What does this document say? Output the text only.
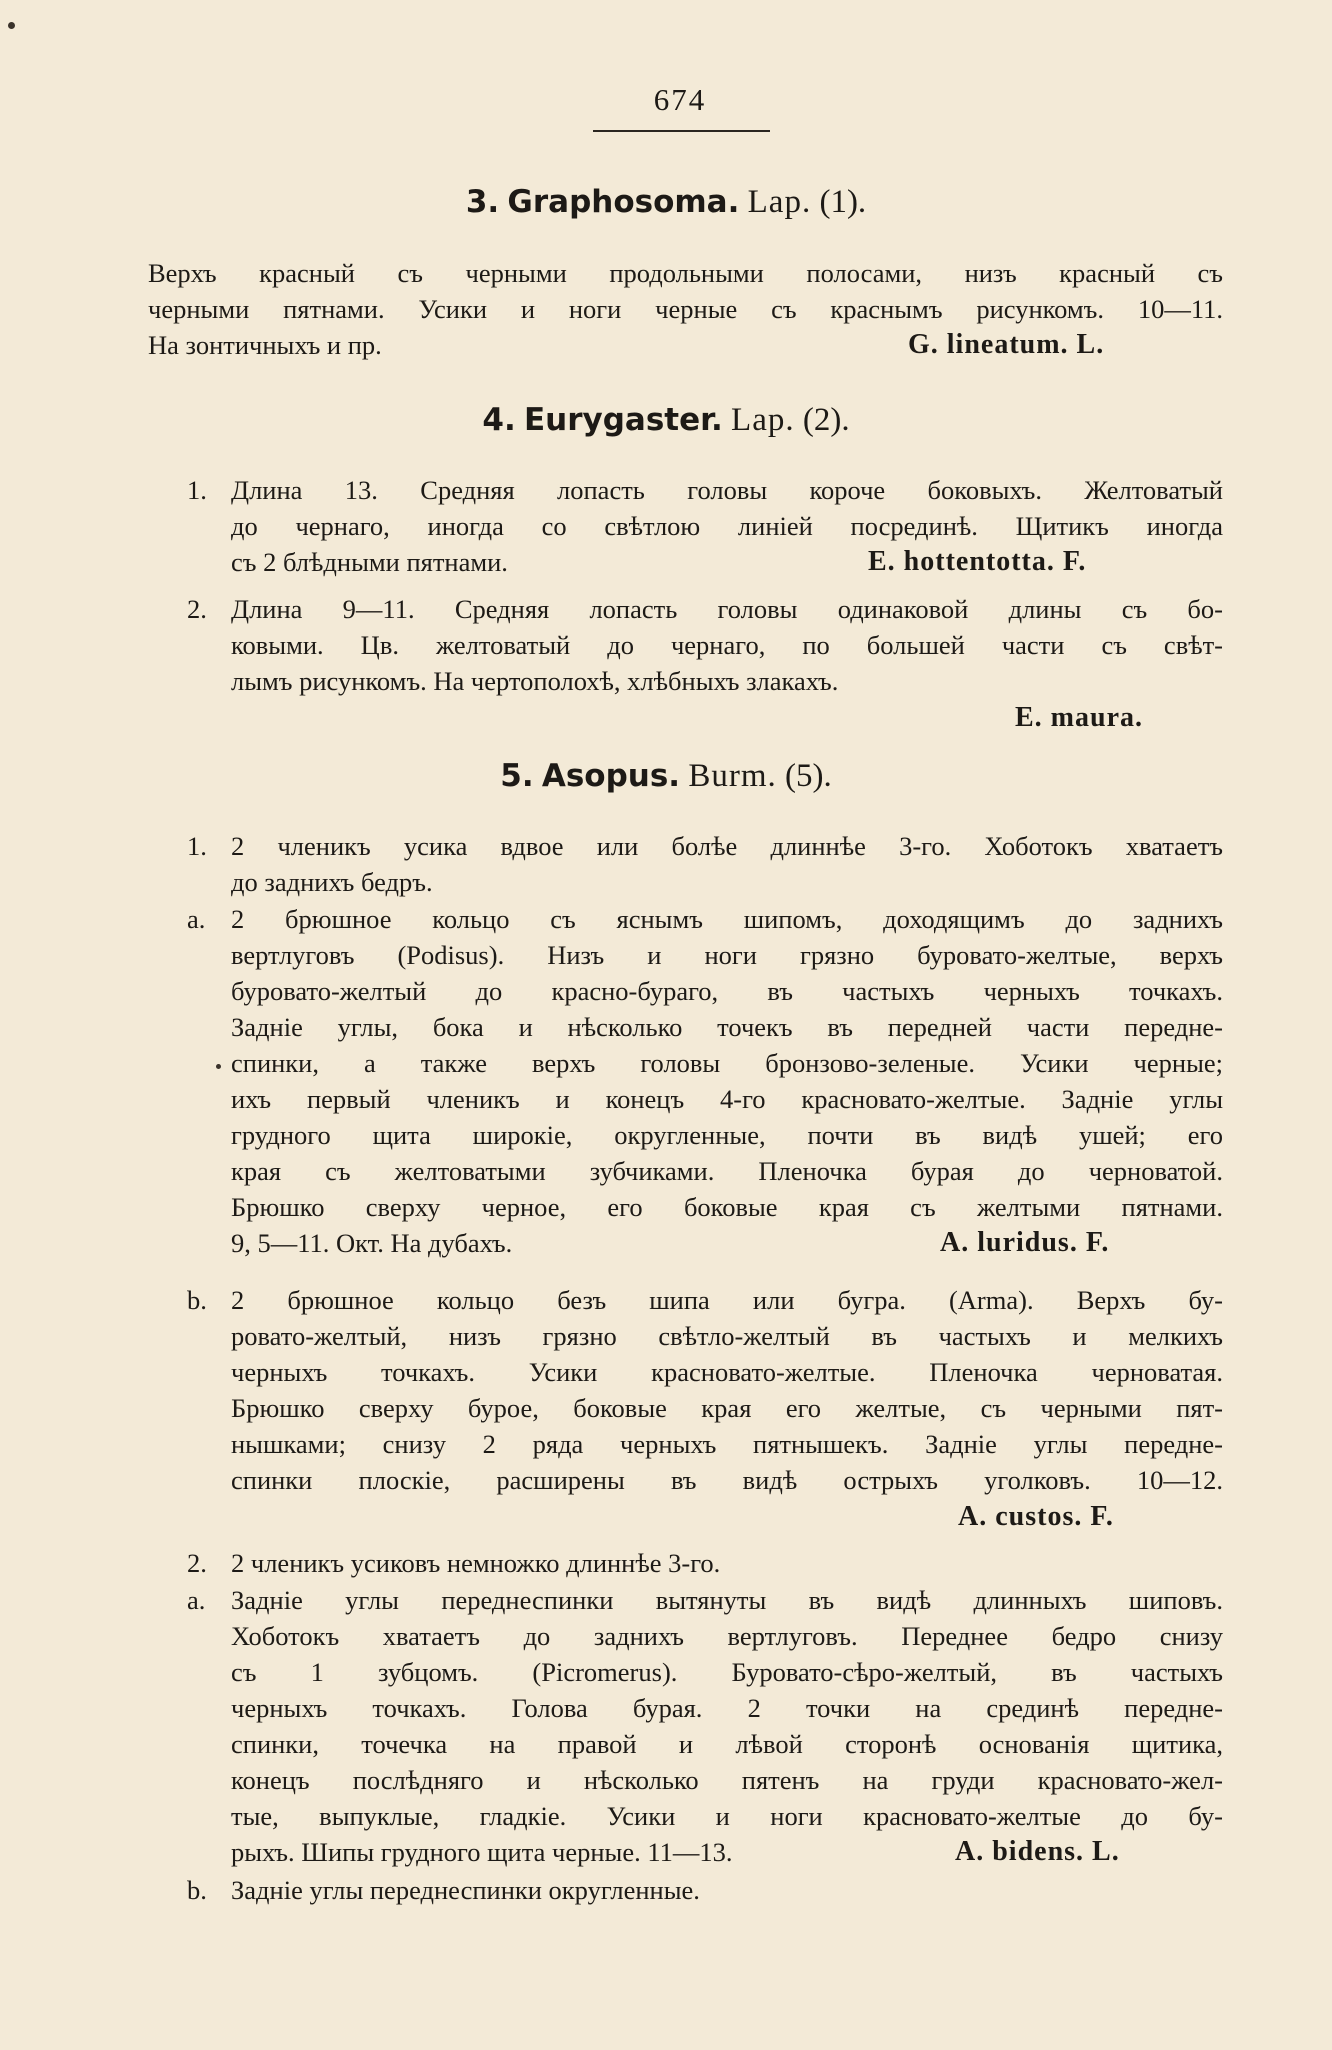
674
3. Graphosoma. Lap. (1).
Верхъ красный съ черными продольными полосами, низъ красный съ
черными пятнами. Усики и ноги черные съ краснымъ рисункомъ. 10—11.
На зонтичныхъ и пр.	G. lineatum. L.
4. Eurygaster. Lap. (2).
1. Длина 13. Средняя лопасть головы короче боковыхъ. Желтоватый
до чернаго, иногда со свѣтлою линіей посрединѣ. Щитикъ иногда
съ 2 блѣдными пятнами.	E. hottentotta. F.
2. Длина 9—11. Средняя лопасть головы одинаковой длины съ бо-
ковыми. Цв. желтоватый до чернаго, по большей части съ свѣт-
лымъ рисункомъ. На чертополохѣ, хлѣбныхъ злакахъ.
E. maura.
5. Asopus. Burm. (5).
1. 2 членикъ усика вдвое или болѣе длиннѣе 3-го. Хоботокъ хватаетъ
до заднихъ бедръ.
a. 2 брюшное кольцо съ яснымъ шипомъ, доходящимъ до заднихъ
вертлуговъ (Podisus). Низъ и ноги грязно буровато-желтые, верхъ
буровато-желтый до красно-бураго, въ частыхъ черныхъ точкахъ.
Задніе углы, бока и нѣсколько точекъ въ передней части передне-
спинки, а также верхъ головы бронзово-зеленые. Усики черные;
ихъ первый членикъ и конецъ 4-го красновато-желтые. Задніе углы
грудного щита широкіе, округленные, почти въ видѣ ушей; его
края съ желтоватыми зубчиками. Пленочка бурая до черноватой.
Брюшко сверху черное, его боковые края съ желтыми пятнами.
9, 5—11. Окт. На дубахъ.	A. luridus. F.
b. 2 брюшное кольцо безъ шипа или бугра. (Arma). Верхъ бу-
ровато-желтый, низъ грязно свѣтло-желтый въ частыхъ и мелкихъ
черныхъ точкахъ. Усики красновато-желтые. Пленочка черноватая.
Брюшко сверху бурое, боковые края его желтые, съ черными пят-
нышками; снизу 2 ряда черныхъ пятнышекъ. Задніе углы передне-
спинки плоскіе, расширены въ видѣ острыхъ уголковъ. 10—12.
A. custos. F.
2. 2 членикъ усиковъ немножко длиннѣе 3-го.
a. Задніе углы переднеспинки вытянуты въ видѣ длинныхъ шиповъ.
Хоботокъ хватаетъ до заднихъ вертлуговъ. Переднее бедро снизу
съ 1 зубцомъ. (Picromerus). Буровато-сѣро-желтый, въ частыхъ
черныхъ точкахъ. Голова бурая. 2 точки на срединѣ передне-
спинки, точечка на правой и лѣвой сторонѣ основанія щитика,
конецъ послѣдняго и нѣсколько пятенъ на груди красновато-жел-
тые, выпуклые, гладкіе. Усики и ноги красновато-желтые до бу-
рыхъ. Шипы грудного щита черные. 11—13.	A. bidens. L.
b. Задніе углы переднеспинки округленные.
